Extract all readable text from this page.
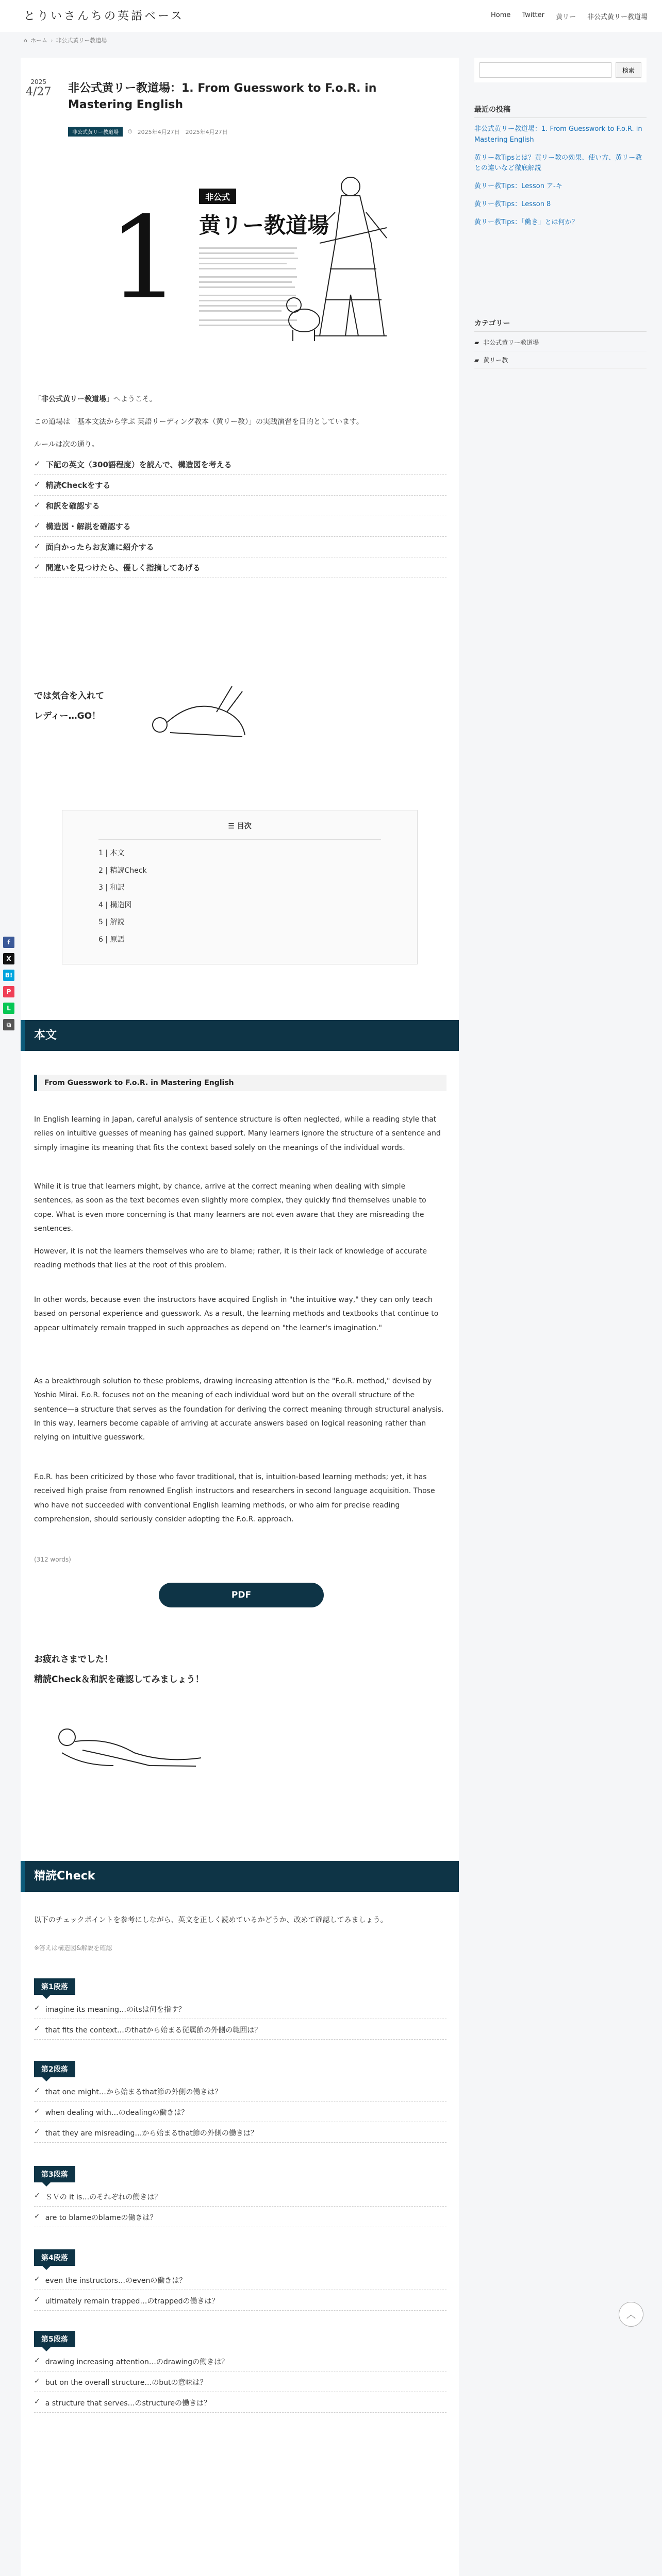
とりいさんちの英語ベース	Home Twitter 黄リー 非公式黄リー教道場
⌂ ホーム › 非公式黄リー教道場
f
X
B!
P
L
⧉
2025
4/27 非公式黄リー教道場：1. From Guesswork to F.o.R. in Mastering English
非公式黄リー教道場	⏱ 2025年4月27日　2025年4月27日
1	非公式
黄リー教道場
「非公式黄リー教道場」へようこそ。
この道場は「基本文法から学ぶ 英語リーディング教本（黄リー教）」の実践演習を目的としています。
ルールは次の通り。
✓ 下記の英文（300語程度）を読んで、構造図を考える
✓ 精読Checkをする
✓ 和訳を確認する
✓ 構造図・解説を確認する
✓ 面白かったらお友達に紹介する
✓ 間違いを見つけたら、優しく指摘してあげる
では気合を入れて
レディー…GO！
☰ 目次
1 | 本文
2 | 精読Check
3 | 和訳
4 | 構造図
5 | 解説
6 | 原語
本文
From Guesswork to F.o.R. in Mastering English
In English learning in Japan, careful analysis of sentence structure is often neglected, while a reading style that relies on intuitive guesses of meaning has gained support. Many learners ignore the structure of a sentence and simply imagine its meaning that fits the context based solely on the meanings of the individual words.
While it is true that learners might, by chance, arrive at the correct meaning when dealing with simple sentences, as soon as the text becomes even slightly more complex, they quickly find themselves unable to cope. What is even more concerning is that many learners are not even aware that they are misreading the sentences.
However, it is not the learners themselves who are to blame; rather, it is their lack of knowledge of accurate reading methods that lies at the root of this problem.
In other words, because even the instructors have acquired English in "the intuitive way," they can only teach based on personal experience and guesswork. As a result, the learning methods and textbooks that continue to appear ultimately remain trapped in such approaches as depend on "the learner's imagination."
As a breakthrough solution to these problems, drawing increasing attention is the "F.o.R. method," devised by Yoshio Mirai. F.o.R. focuses not on the meaning of each individual word but on the overall structure of the sentence—a structure that serves as the foundation for deriving the correct meaning through structural analysis. In this way, learners become capable of arriving at accurate answers based on logical reasoning rather than relying on intuitive guesswork.
F.o.R. has been criticized by those who favor traditional, that is, intuition-based learning methods; yet, it has received high praise from renowned English instructors and researchers in second language acquisition. Those who have not succeeded with conventional English learning methods, or who aim for precise reading comprehension, should seriously consider adopting the F.o.R. approach.
(312 words)
PDF
お疲れさまでした！
精読Check＆和訳を確認してみましょう！
精読Check
以下のチェックポイントを参考にしながら、英文を正しく読めているかどうか、改めて確認してみましょう。
※答えは構造図&解説を確認
第1段落
✓ imagine its meaning…のitsは何を指す？
✓ that fits the context…のthatから始まる従属節の外側の範囲は？
第2段落
✓ that one might…から始まるthat節の外側の働きは？
✓ when dealing with…のdealingの働きは？
✓ that they are misreading…から始まるthat節の外側の働きは？
第3段落
✓ ＳＶの it is…のそれぞれの働きは？
✓ are to blameのblameの働きは？
第4段落
✓ even the instructors…のevenの働きは？
✓ ultimately remain trapped…のtrappedの働きは？
第5段落
✓ drawing increasing attention…のdrawingの働きは？
✓ but on the overall structure…のbutの意味は？
✓ a structure that serves…のstructureの働きは？
検索
最近の投稿
非公式黄リー教道場：1. From Guesswork to F.o.R. in Mastering English
黄リー教Tipsとは？黄リー教の効果、使い方、黄リー教との違いなど徹底解説
黄リー教Tips：Lesson ア-キ
黄リー教Tips：Lesson 8
黄リー教Tips：「働き」とは何か？
カテゴリー
▰ 非公式黄リー教道場
▰ 黄リー教
︿
